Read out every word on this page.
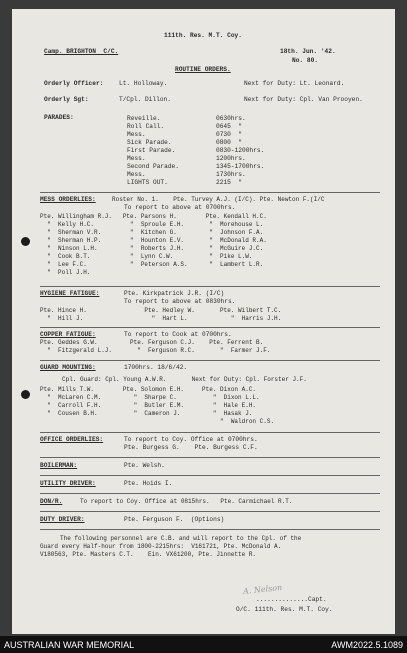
111th. Res. M.T. Coy.
Camp. BRIGHTON  C/C.	18th. Jun. '42.
No. 80.
ROUTINE ORDERS.
Orderly Officer:	Lt. Holloway.	Next for Duty: Lt. Leonard.
Orderly Sgt:	T/Cpl. Dillon.	Next for Duty: Cpl. Van Prooyen.
PARADES:	Reveille.	0630hrs.
Roll Call.	0645  "
Mess.	0730  "
Sick Parade.	0800  "
First Parade.	0830-1200hrs.
Mess.	1200hrs.
Second Parade.	1345-1700hrs.
Mess.	1730hrs.
LIGHTS OUT.	2215  "
MESS ORDERLIES:	Roster No. 1.    Pte. Turvey A.J. (I/C). Pte. Newton F.(I/C
To report to above at 0700hrs.
Pte. Willingham R.J.   Pte. Parsons H.        Pte. Kendall H.C.
"  Kelly H.C.          "  Sproule E.H.       "  Morehouse L.
"  Sherman V.R.        "  Kitchen G.         "  Johnson F.A.
"  Sherman H.P.        "  Hounton E.V.       "  McDonald R.A.
"  Ninson L.H.         "  Roberts J.H.       "  McGuire J.C.
"  Cook B.T.           "  Lynn C.W.          "  Pike L.W.
"  Lee F.C.            "  Peterson A.S.      "  Lambert L.R.
"  Poll J.H.
HYGIENE FATIGUE:	Pte. Kirkpatrick J.R. (I/C)
To report to above at 0830hrs.
Pte. Hince H.                Pte. Hedley W.       Pte. Wilbert T.C.
"  Hill J.                   "  Hart L.            "  Harris J.H.
COPPER FATIGUE:	To report to Cook at 0700hrs.
Pte. Geddes G.W.         Pte. Ferguson C.J.    Pte. Ferrent B.
"  Fitzgerald L.J.       "  Ferguson R.C.       "  Farmer J.F.
GUARD MOUNTING:	1700hrs. 18/6/42.
Cpl. Guard: Cpl. Young A.W.R.       Next for Duty: Cpl. Forster J.F.
Pte. Mills T.W.        Pte. Solomon E.H.     Pte. Dixon A.C.
"  McLaren C.M.         "  Sharpe C.          "  Dixon L.L.
"  Carroll F.H.         "  Butler E.M.        "  Hale E.H.
"  Cousen B.H.          "  Cameron J.         "  Hasak J.
"  Waldron C.S.
OFFICE ORDERLIES:	To report to Coy. Office at 0700hrs.
Pte. Burgess G.    Pte. Burgess C.F.
BOILERMAN:	Pte. Welsh.
UTILITY DRIVER:	Pte. Hoids I.
DON/R.	To report to Coy. Office at 0815hrs.   Pte. Carmichael R.T.
DUTY DRIVER:	Pte. Ferguson F.  (Options)
The following personnel are C.B. and will report to the Cpl. of the
Guard every Half-hour from 1800-2215hrs:  V161721, Pte. McDonald A.
V180563, Pte. Masters C.T.    Ein. VX61200, Pte. Jinnette R.
..............Capt.
O/C. 111th. Res. M.T. Coy.
A. Nelson
AUSTRALIAN WAR MEMORIAL	AWM2022.5.1089
